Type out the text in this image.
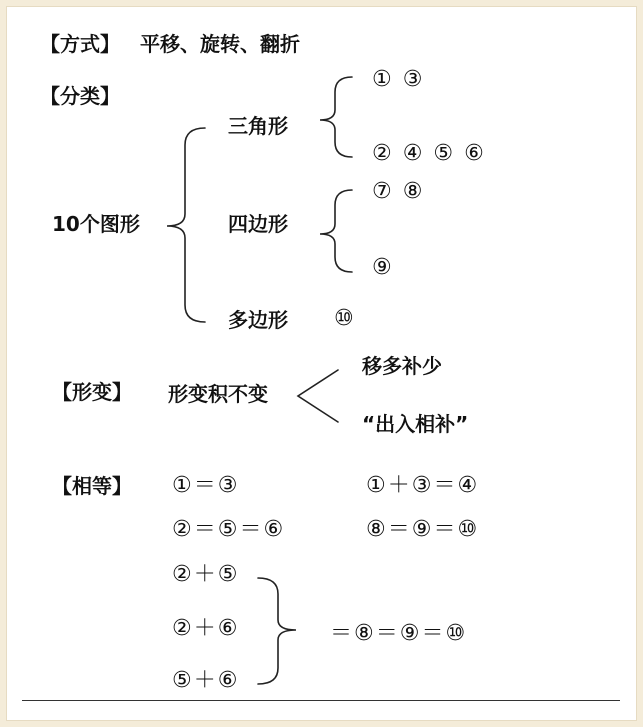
【方式】 平移、旋转、翻折
【分类】
10个图形
三角形
① ③
② ④ ⑤ ⑥
四边形
⑦ ⑧
⑨
多边形 ⑩
【形变】 形变积不变
移多补少
“出入相补”
【相等】 ①＝③	①＋③＝④
②＝⑤＝⑥	⑧＝⑨＝⑩
②＋⑤
②＋⑥
⑤＋⑥
＝⑧＝⑨＝⑩
